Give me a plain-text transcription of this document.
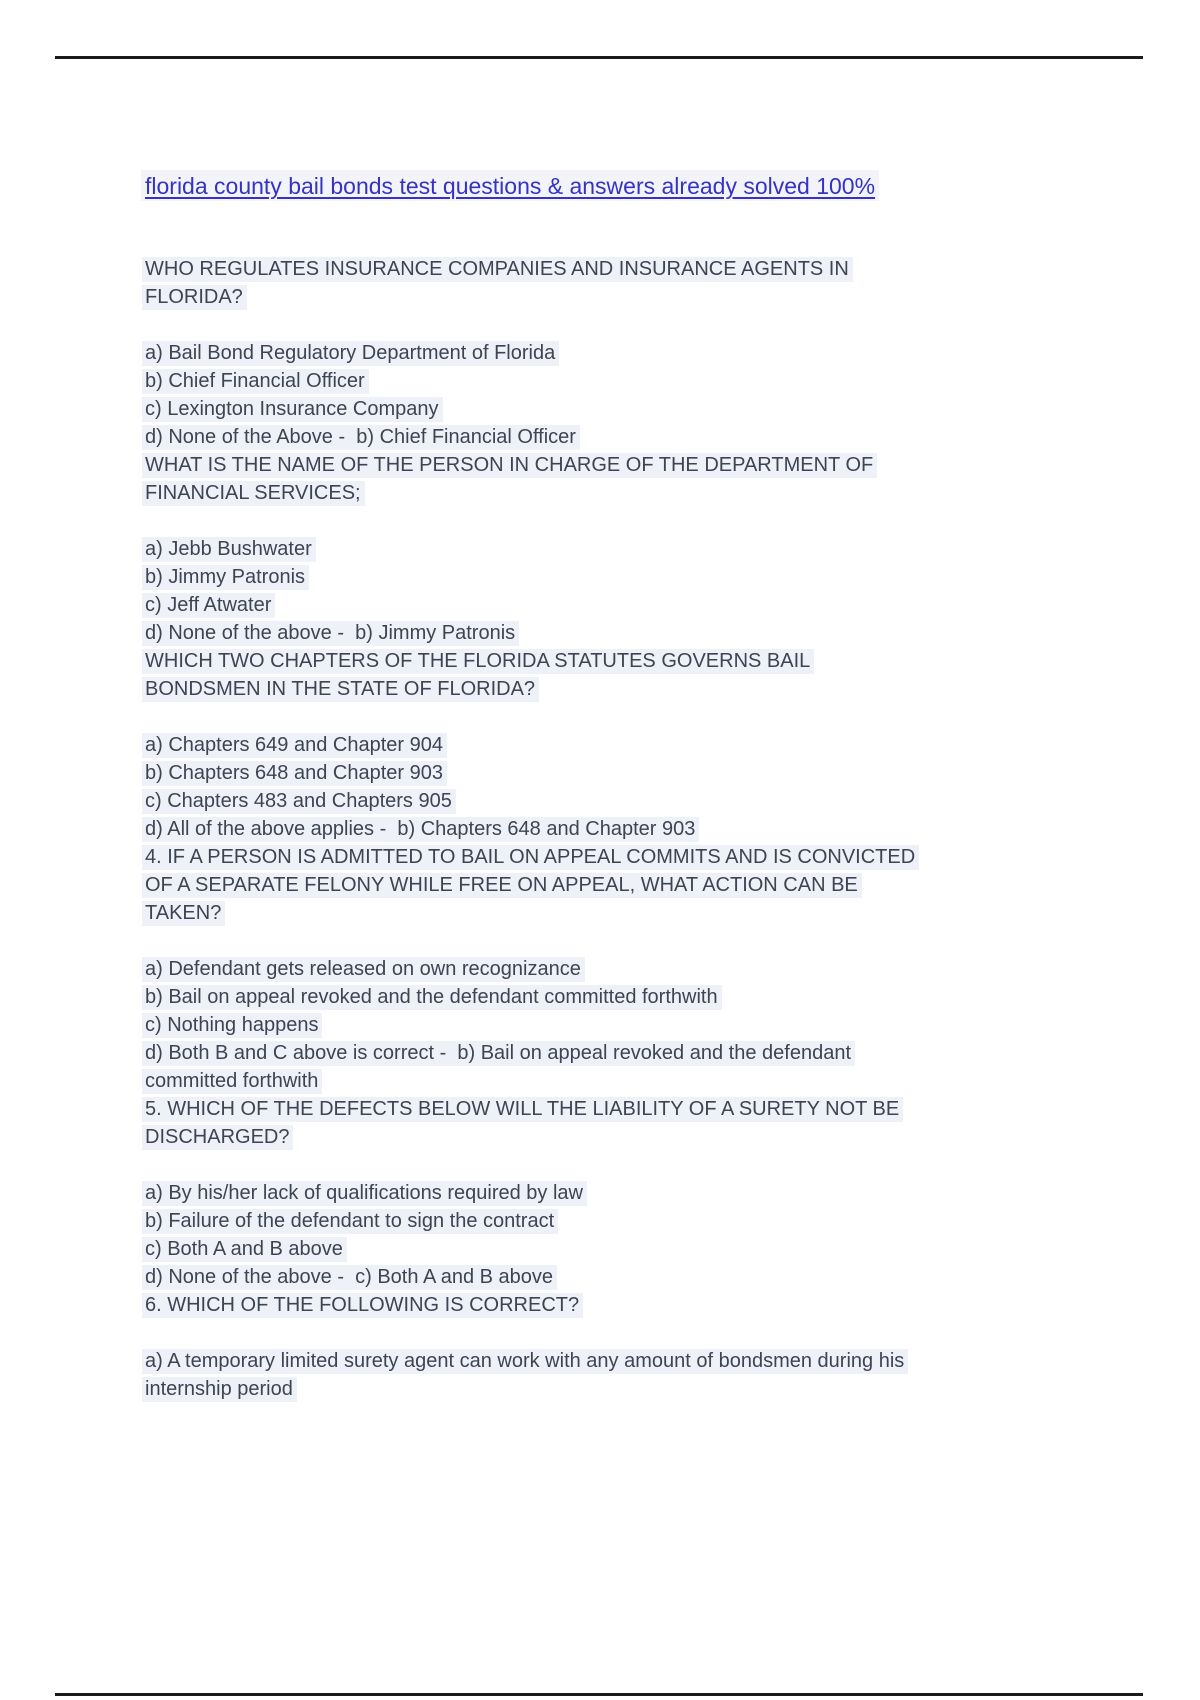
florida county bail bonds test questions & answers already solved 100%
WHO REGULATES INSURANCE COMPANIES AND INSURANCE AGENTS IN
FLORIDA?
a) Bail Bond Regulatory Department of Florida
b) Chief Financial Officer
c) Lexington Insurance Company
d) None of the Above -  b) Chief Financial Officer
WHAT IS THE NAME OF THE PERSON IN CHARGE OF THE DEPARTMENT OF
FINANCIAL SERVICES;
a) Jebb Bushwater
b) Jimmy Patronis
c) Jeff Atwater
d) None of the above -  b) Jimmy Patronis
WHICH TWO CHAPTERS OF THE FLORIDA STATUTES GOVERNS BAIL
BONDSMEN IN THE STATE OF FLORIDA?
a) Chapters 649 and Chapter 904
b) Chapters 648 and Chapter 903
c) Chapters 483 and Chapters 905
d) All of the above applies -  b) Chapters 648 and Chapter 903
4. IF A PERSON IS ADMITTED TO BAIL ON APPEAL COMMITS AND IS CONVICTED
OF A SEPARATE FELONY WHILE FREE ON APPEAL, WHAT ACTION CAN BE
TAKEN?
a) Defendant gets released on own recognizance
b) Bail on appeal revoked and the defendant committed forthwith
c) Nothing happens
d) Both B and C above is correct -  b) Bail on appeal revoked and the defendant
committed forthwith
5. WHICH OF THE DEFECTS BELOW WILL THE LIABILITY OF A SURETY NOT BE
DISCHARGED?
a) By his/her lack of qualifications required by law
b) Failure of the defendant to sign the contract
c) Both A and B above
d) None of the above -  c) Both A and B above
6. WHICH OF THE FOLLOWING IS CORRECT?
a) A temporary limited surety agent can work with any amount of bondsmen during his
internship period
